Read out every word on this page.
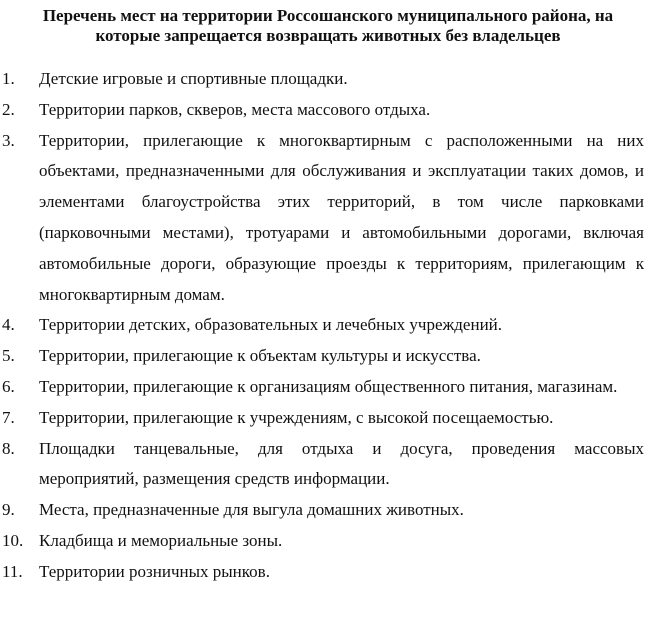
Перечень мест на территории Россошанского муниципального района, на
которые запрещается возвращать животных без владельцев
1. Детские игровые и спортивные площадки.
2. Территории парков, скверов, места массового отдыха.
3. Территории, прилегающие к многоквартирным с расположенными на них объектами, предназначенными для обслуживания и эксплуатации таких домов, и элементами благоустройства этих территорий, в том числе парковками (парковочными местами), тротуарами и автомобильными дорогами, включая автомобильные дороги, образующие проезды к территориям, прилегающим к многоквартирным домам.
4. Территории детских, образовательных и лечебных учреждений.
5. Территории, прилегающие к объектам культуры и искусства.
6. Территории, прилегающие к организациям общественного питания, магазинам.
7. Территории, прилегающие к учреждениям, с высокой посещаемостью.
8. Площадки танцевальные, для отдыха и досуга, проведения массовых мероприятий, размещения средств информации.
9. Места, предназначенные для выгула домашних животных.
10. Кладбища и мемориальные зоны.
11. Территории розничных рынков.
